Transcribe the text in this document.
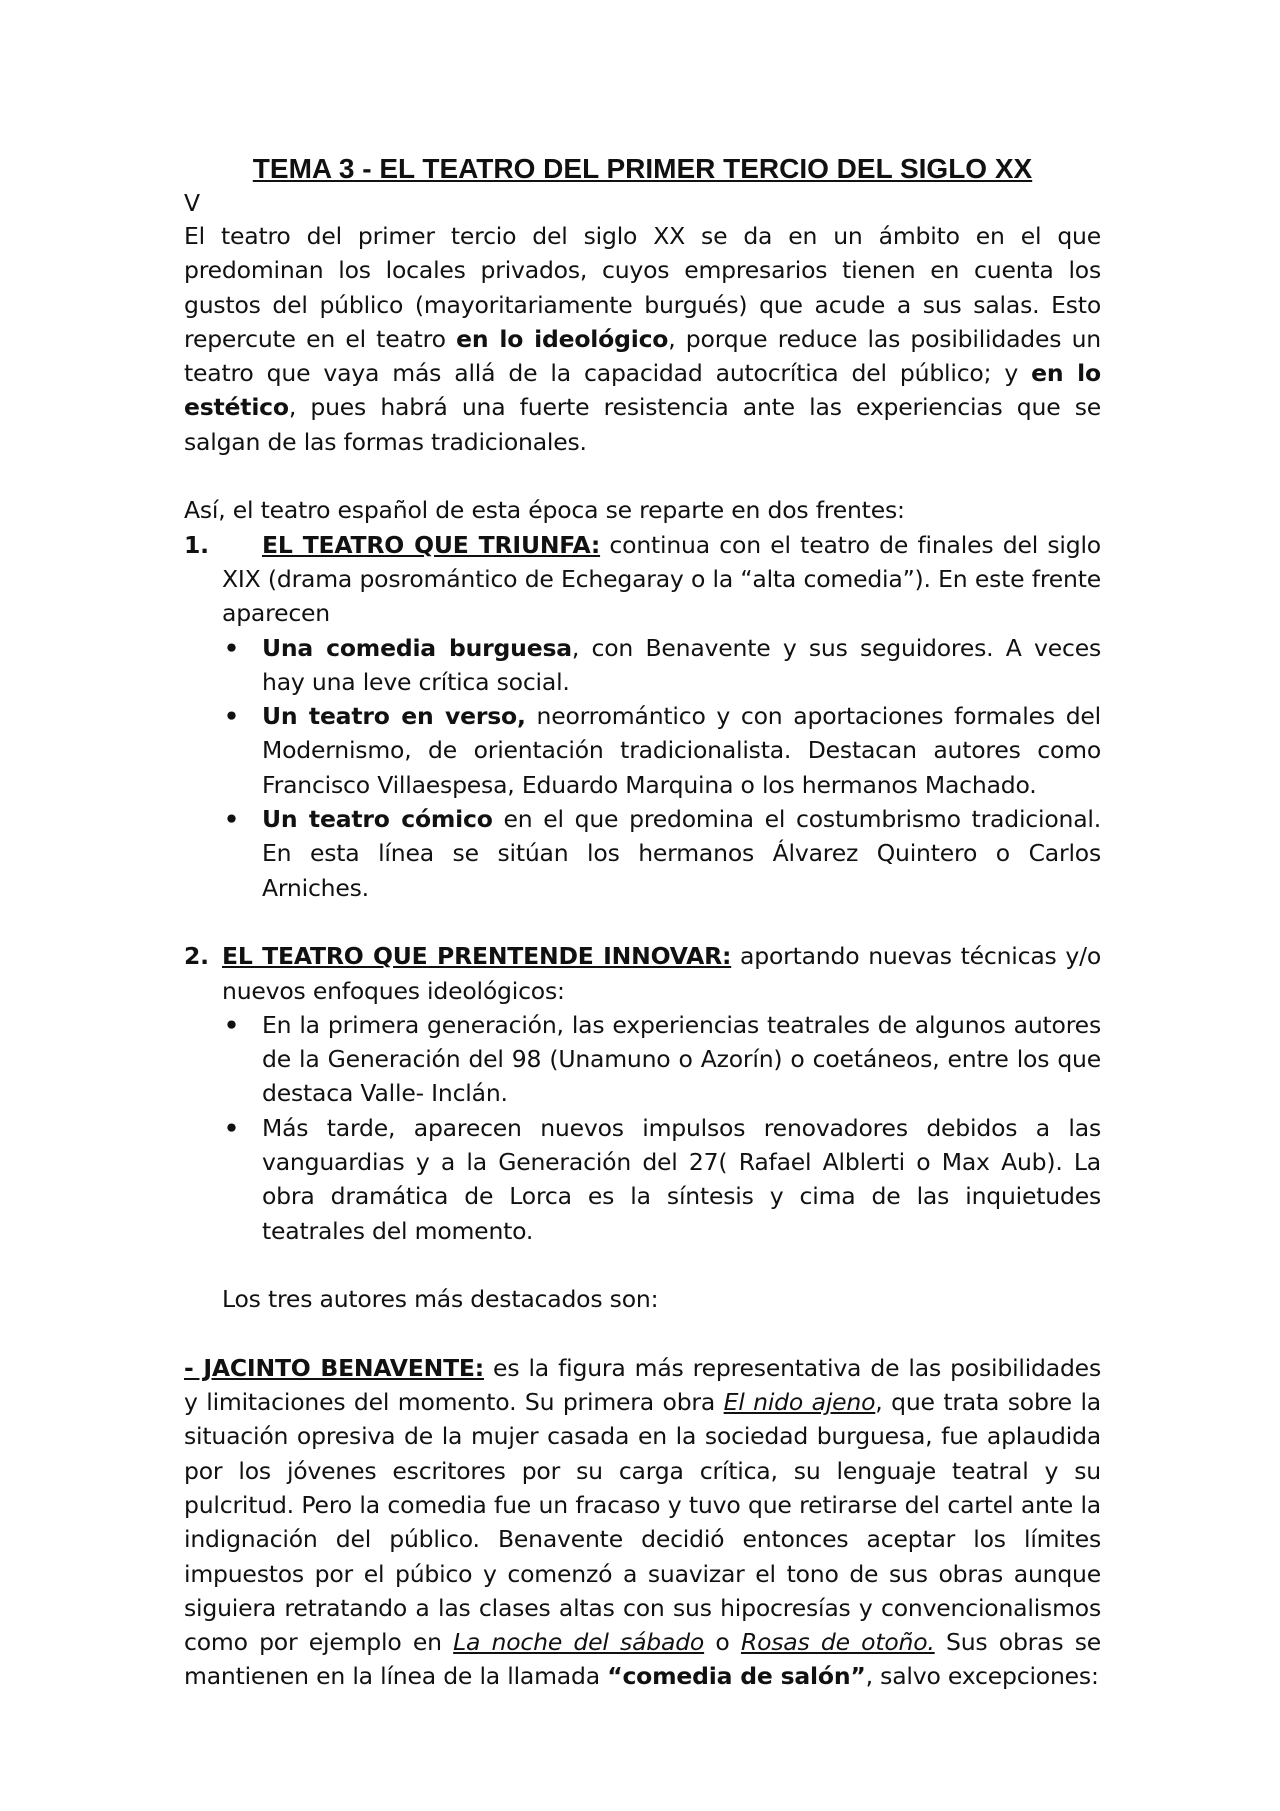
TEMA 3 - EL TEATRO DEL PRIMER TERCIO DEL SIGLO XX
V

El teatro del primer tercio del siglo XX se da en un ámbito en el que predominan los locales privados, cuyos empresarios tienen en cuenta los gustos del público (mayoritariamente burgués) que acude a sus salas. Esto repercute en el teatro en lo ideológico, porque reduce las posibilidades un teatro que vaya más allá de la capacidad autocrítica del público; y en lo estético, pues habrá una fuerte resistencia ante las experiencias que se salgan de las formas tradicionales.

Así, el teatro español de esta época se reparte en dos frentes:

1. EL TEATRO QUE TRIUNFA: continua con el teatro de finales del siglo XIX (drama posromántico de Echegaray o la “alta comedia”). En este frente aparecen
• Una comedia burguesa, con Benavente y sus seguidores. A veces hay una leve crítica social.
• Un teatro en verso, neorromántico y con aportaciones formales del Modernismo, de orientación tradicionalista. Destacan autores como Francisco Villaespesa, Eduardo Marquina o los hermanos Machado.
• Un teatro cómico en el que predomina el costumbrismo tradicional. En esta línea se sitúan los hermanos Álvarez Quintero o Carlos Arniches.
2. EL TEATRO QUE PRENTENDE INNOVAR: aportando nuevas técnicas y/o nuevos enfoques ideológicos:
• En la primera generación, las experiencias teatrales de algunos autores de la Generación del 98 (Unamuno o Azorín) o coetáneos, entre los que destaca Valle- Inclán.
• Más tarde, aparecen nuevos impulsos renovadores debidos a las vanguardias y a la Generación del 27( Rafael Alblerti o Max Aub). La obra dramática de Lorca es la síntesis y cima de las inquietudes teatrales del momento.

Los tres autores más destacados son:

- JACINTO BENAVENTE: es la figura más representativa de las posibilidades y limitaciones del momento. Su primera obra El nido ajeno, que trata sobre la situación opresiva de la mujer casada en la sociedad burguesa, fue aplaudida por los jóvenes escritores por su carga crítica, su lenguaje teatral y su pulcritud. Pero la comedia fue un fracaso y tuvo que retirarse del cartel ante la indignación del público. Benavente decidió entonces aceptar los límites impuestos por el púbico y comenzó a suavizar el tono de sus obras aunque siguiera retratando a las clases altas con sus hipocresías y convencionalismos como por ejemplo en La noche del sábado o Rosas de otoño. Sus obras se mantienen en la línea de la llamada “comedia de salón”, salvo excepciones:
